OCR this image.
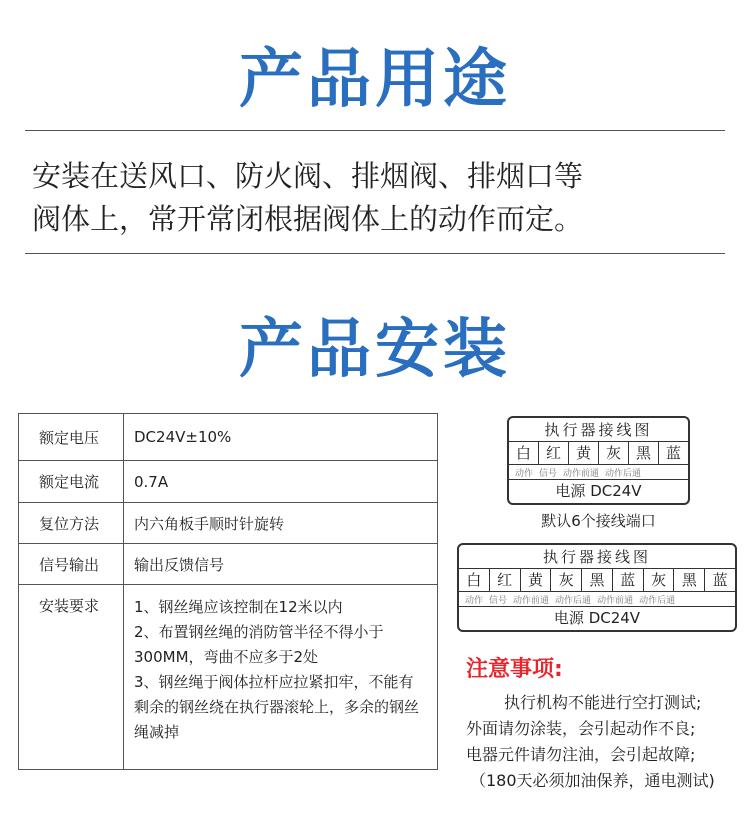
产品用途
安装在送风口、防火阀、排烟阀、排烟口等
阀体上，常开常闭根据阀体上的动作而定。
产品安装
额定电压	DC24V±10%
额定电流	0.7A
复位方法	内六角板手顺时针旋转
信号输出	输出反馈信号
安装要求	1、钢丝绳应该控制在12米以内

2、布置钢丝绳的消防管半径不得小于300MM，弯曲不应多于2处

3、钢丝绳于阀体拉杆应拉紧扣牢，不能有剩余的钢丝绕在执行器滚轮上，多余的钢丝绳减掉

执行器接线图
白 红 黄 灰 黑 蓝
动作 信号 动作前通 动作后通
电源 DC24V
默认6个接线端口
执行器接线图
白	红	黄	灰	黑	蓝	灰	黑	蓝
动作 信号 动作前通 动作后通 动作前通 动作后通
电源 DC24V
注意事项:
执行机构不能进行空打测试;
外面请勿涂装，会引起动作不良;
电器元件请勿注油，会引起故障;
（180天必须加油保养，通电测试)
